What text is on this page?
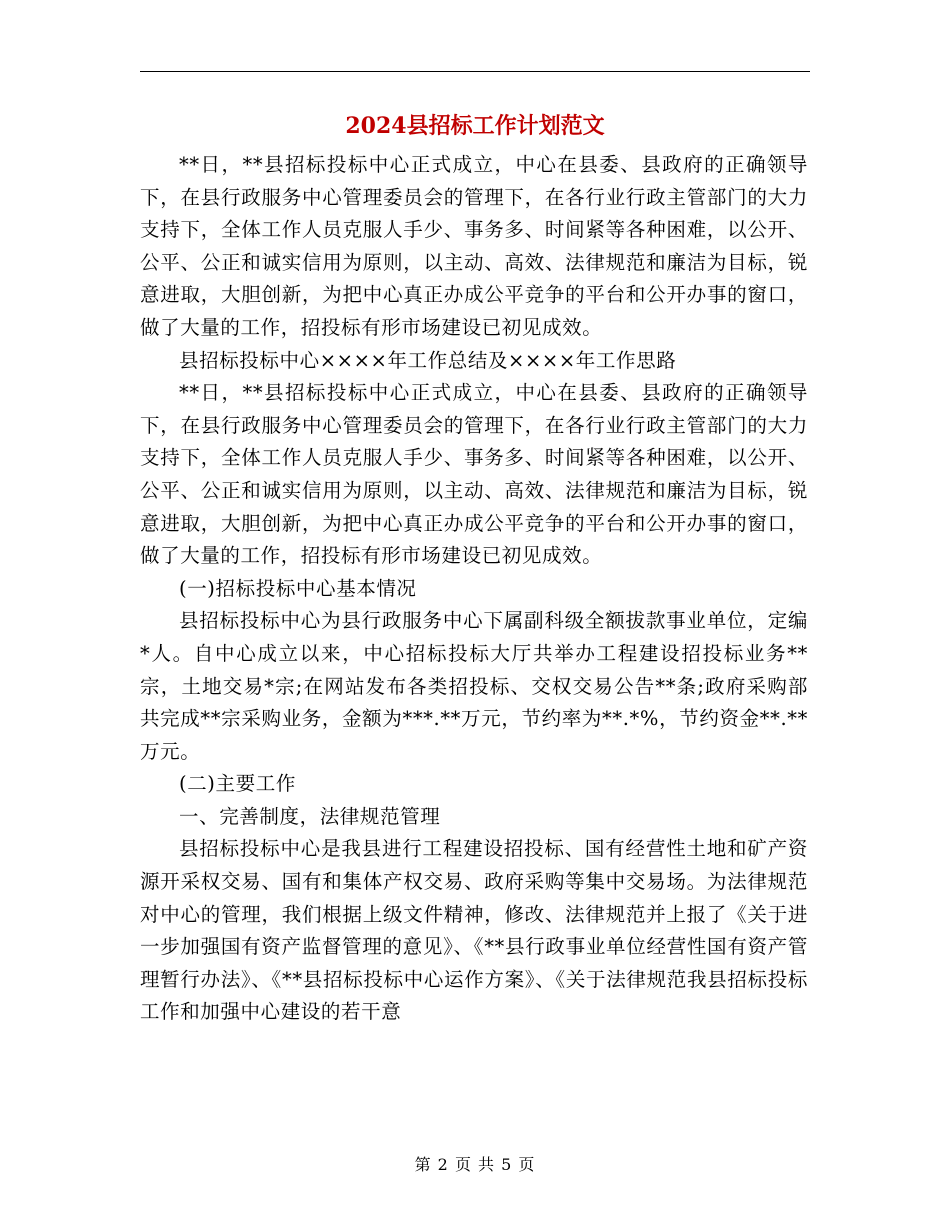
2024县招标工作计划范文

**日，**县招标投标中心正式成立，中心在县委、县政府的正确领导下，在县行政服务中心管理委员会的管理下，在各行业行政主管部门的大力支持下，全体工作人员克服人手少、事务多、时间紧等各种困难，以公开、公平、公正和诚实信用为原则，以主动、高效、法律规范和廉洁为目标，锐意进取，大胆创新，为把中心真正办成公平竞争的平台和公开办事的窗口，做了大量的工作，招投标有形市场建设已初见成效。

县招标投标中心××××年工作总结及××××年工作思路

**日，**县招标投标中心正式成立，中心在县委、县政府的正确领导下，在县行政服务中心管理委员会的管理下，在各行业行政主管部门的大力支持下，全体工作人员克服人手少、事务多、时间紧等各种困难，以公开、公平、公正和诚实信用为原则，以主动、高效、法律规范和廉洁为目标，锐意进取，大胆创新，为把中心真正办成公平竞争的平台和公开办事的窗口，做了大量的工作，招投标有形市场建设已初见成效。

(一)招标投标中心基本情况

县招标投标中心为县行政服务中心下属副科级全额拔款事业单位，定编*人。自中心成立以来，中心招标投标大厅共举办工程建设招投标业务**宗，土地交易*宗;在网站发布各类招投标、交权交易公告**条;政府采购部共完成**宗采购业务，金额为***.**万元，节约率为**.*%，节约资金**.**万元。

(二)主要工作

一、完善制度，法律规范管理

县招标投标中心是我县进行工程建设招投标、国有经营性土地和矿产资源开采权交易、国有和集体产权交易、政府采购等集中交易场。为法律规范对中心的管理，我们根据上级文件精神，修改、法律规范并上报了《关于进一步加强国有资产监督管理的意见》、《**县行政事业单位经营性国有资产管理暂行办法》、《**县招标投标中心运作方案》、《关于法律规范我县招标投标工作和加强中心建设的若干意

第 2 页 共 5 页
